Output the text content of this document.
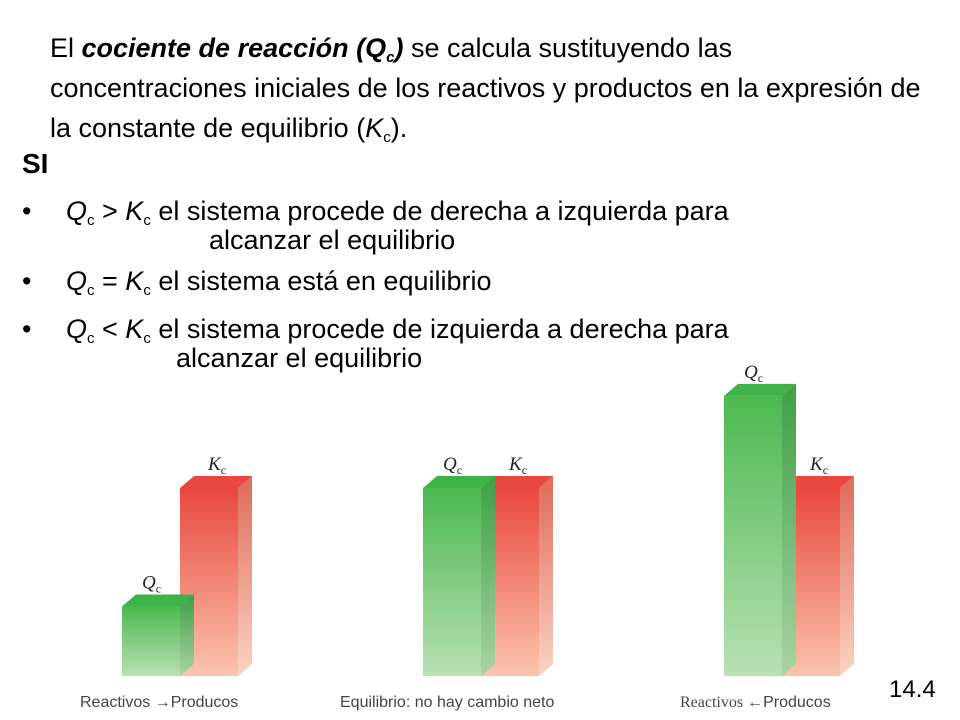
El cociente de reacción $(Q_c)$ se calcula sustituyendo las concentraciones iniciales de los reactivos y productos en la expresión de la constante de equilibrio $(K_c)$.

SI

•	$Q_c > K_c$ el sistema procede de derecha a izquierda para
alcanzar el equilibrio
•	$Q_c = K_c$ el sistema está en equilibrio
•	$Q_c < K_c$ el sistema procede de izquierda a derecha para
alcanzar el equilibrio
$Q_c$
$K_c$	$Q_c$ $K_c$
$Q_c$
$K_c$
Reactivos →Producos	Equilibrio: no hay cambio neto	Reactivos ←Producos 14.4
